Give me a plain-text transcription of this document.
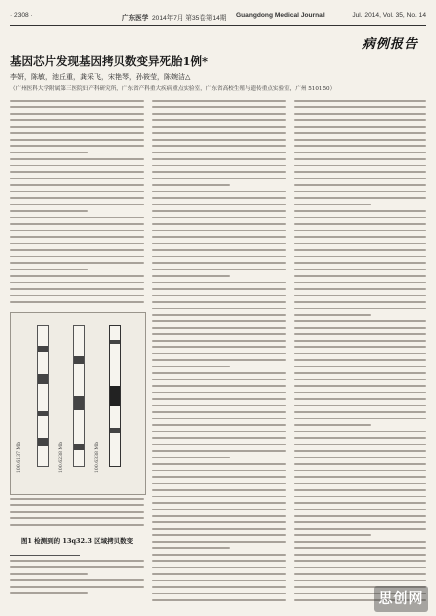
· 2308 ·	广东医学 2014年7月 第35卷第14期 Guangdong Medical Journal	Jul. 2014, Vol. 35, No. 14
病例报告
基因芯片发现基因拷贝数变异死胎1例*
李妍，陈敏，池丘重，龚采飞，宋艳琴，孙筱莹，陈婉洁△
（广州医科大学附属第三医院妇产科研究所，广东省产科重大疾病重点实验室，广东省高校生殖与遗传重点实验室，广州 510150）
100.6137 Mb	100.6238 Mb	100.6338 Mb
图1 检测到的 13q32.3 区域拷贝数变
思创网
